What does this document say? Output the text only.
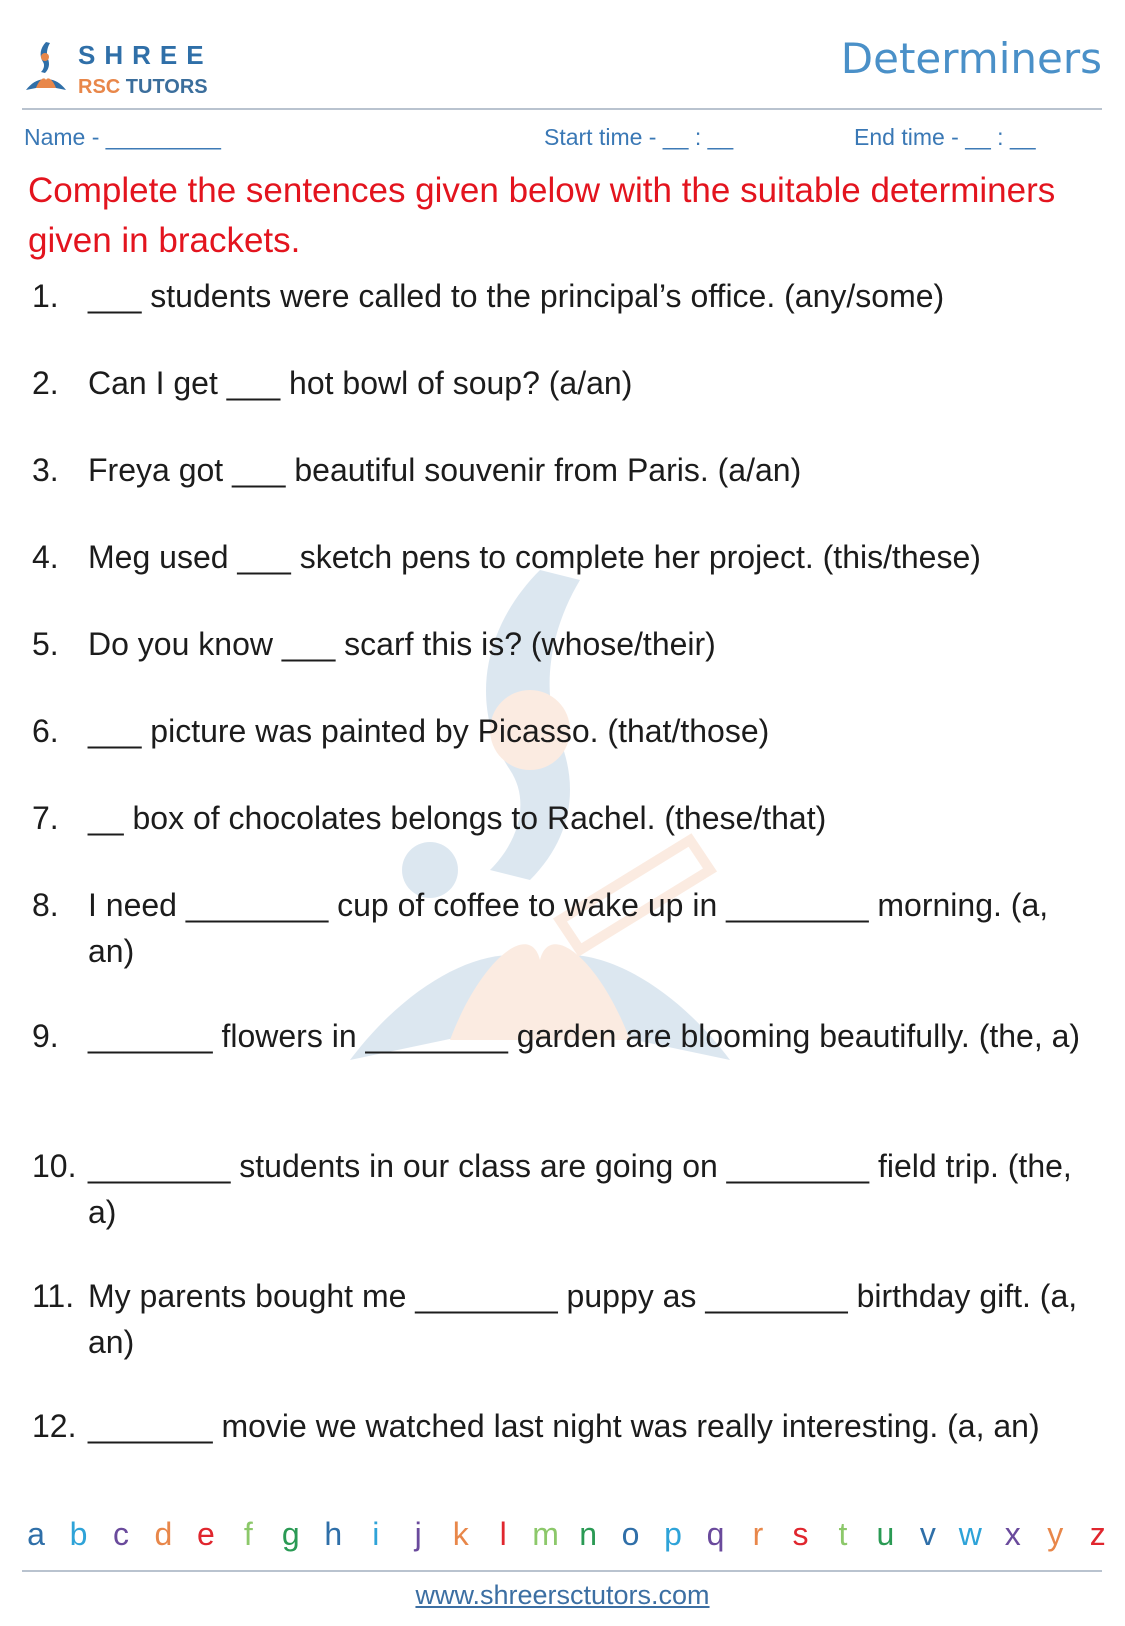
SHREE
RSC TUTORS
Determiners
Name - _________	Start time - __ : __	End time - __ : __
Complete the sentences given below with the suitable determiners given in brackets.
1. ___ students were called to the principal’s office. (any/some)
2. Can I get ___ hot bowl of soup? (a/an)
3. Freya got ___ beautiful souvenir from Paris. (a/an)
4. Meg used ___ sketch pens to complete her project. (this/these)
5. Do you know ___ scarf this is? (whose/their)
6. ___ picture was painted by Picasso. (that/those)
7. __ box of chocolates belongs to Rachel. (these/that)
8. I need ________ cup of coffee to wake up in ________ morning. (a, an)
9. _______ flowers in ________ garden are blooming beautifully. (the, a)
10. ________ students in our class are going on ________ field trip. (the, a)
11. My parents bought me ________ puppy as ________ birthday gift. (a, an)
12. _______ movie we watched last night was really interesting. (a, an)
a b c d e f g h i	j k l m n o p q r s t u v w x y z
www.shreersctutors.com
